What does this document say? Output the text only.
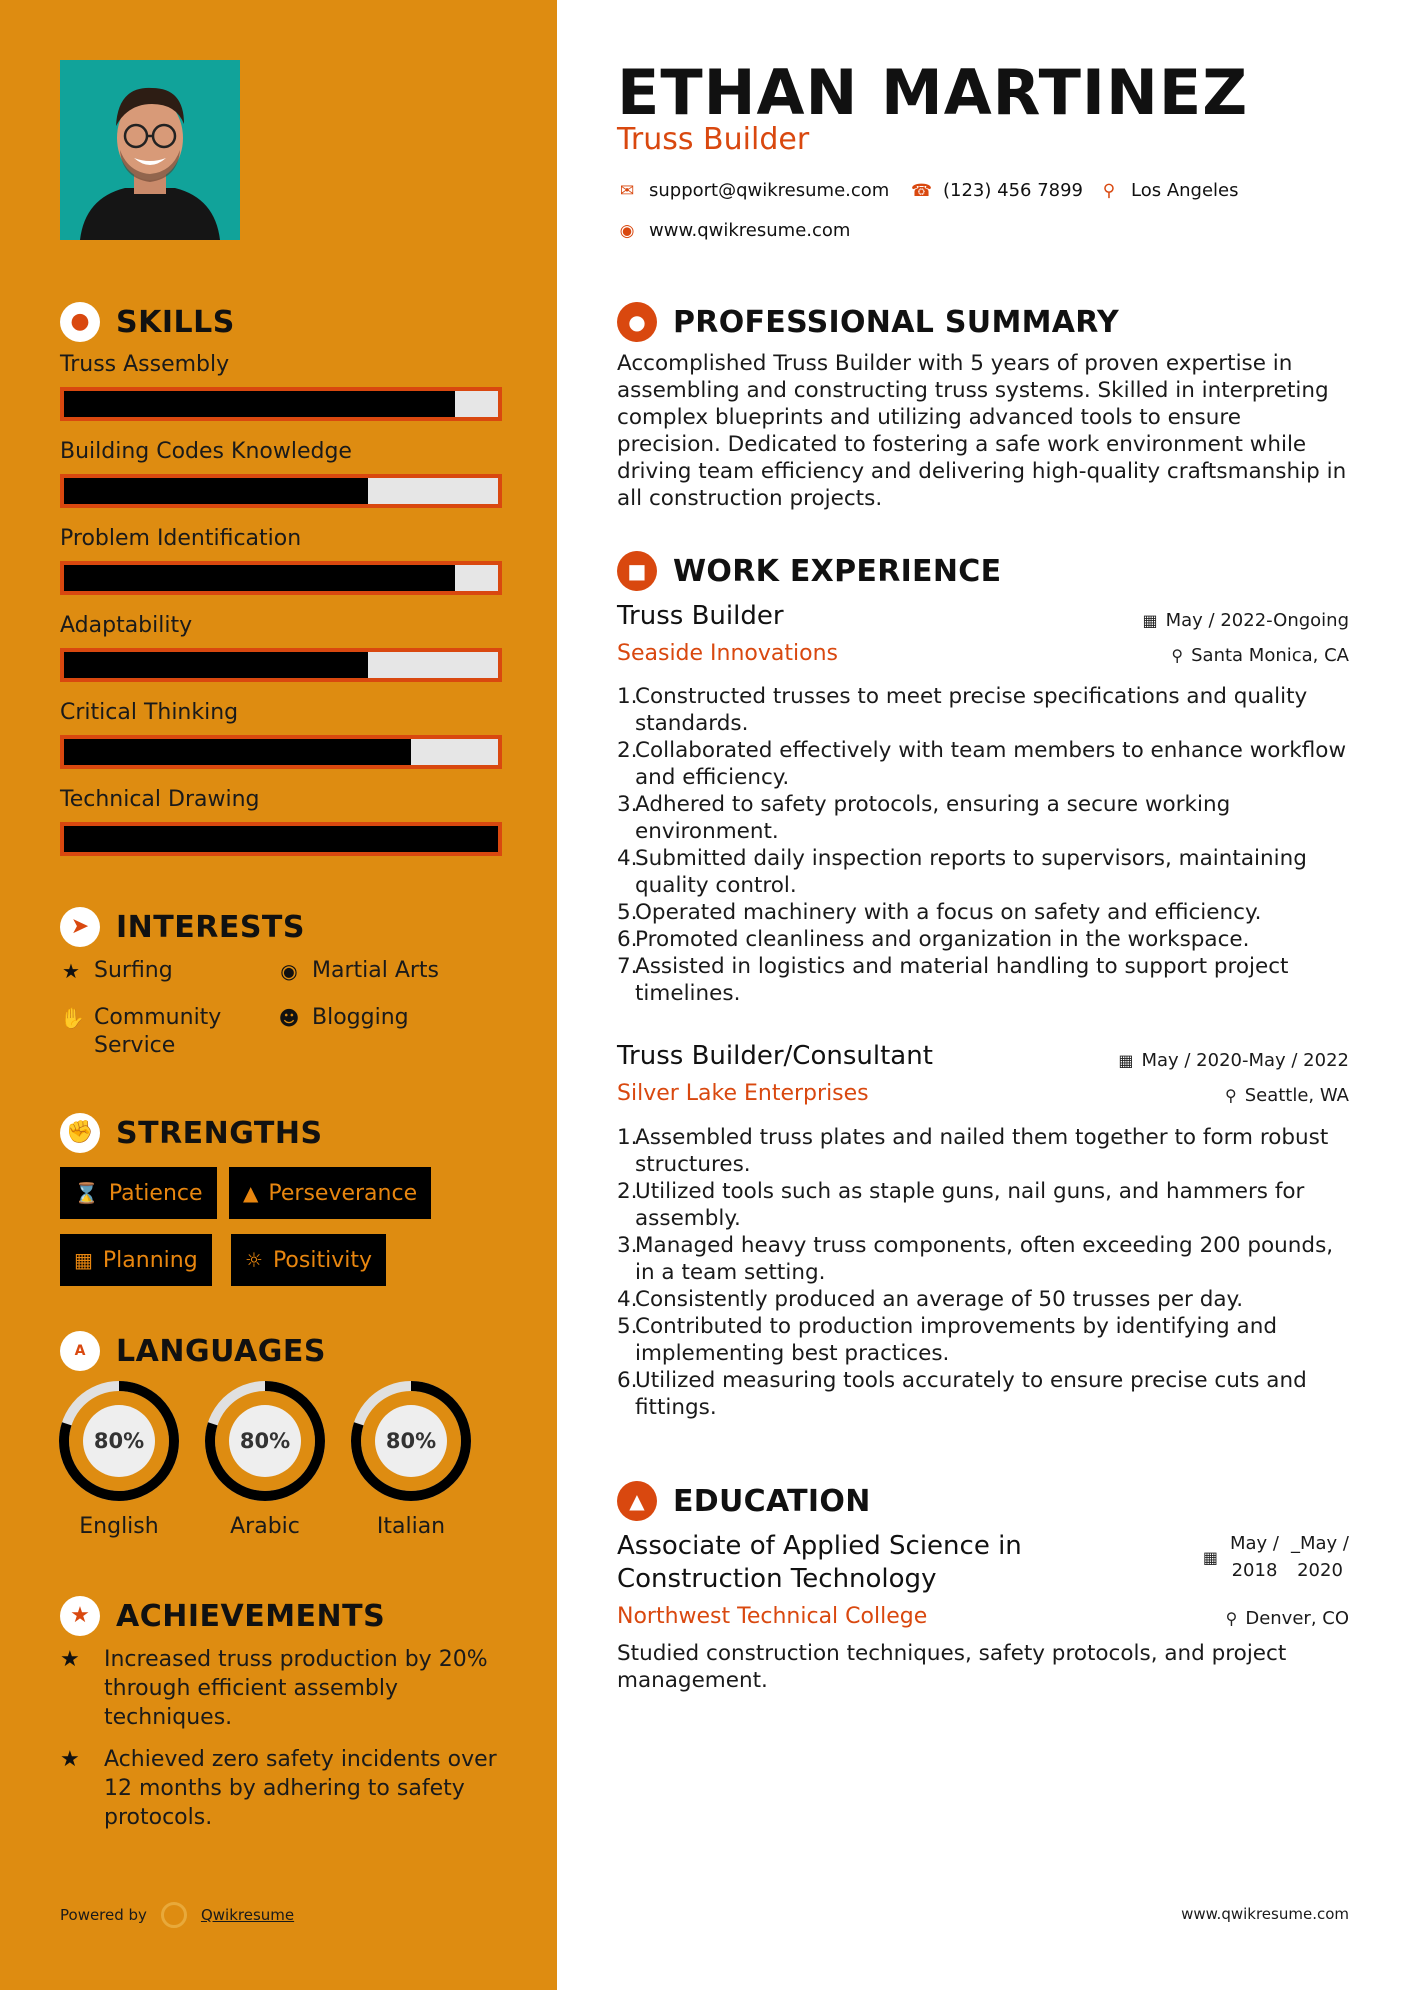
● SKILLS
Truss Assembly
Building Codes Knowledge
Problem Identification
Adaptability
Critical Thinking
Technical Drawing
➤ INTERESTS
★ Surfing	◉ Martial Arts
✋ Community Service
☻ Blogging
✊ STRENGTHS
⌛ Patience ▲ Perseverance
▦ Planning ☼ Positivity
A	LANGUAGES
80%
English
80%
Arabic
80%
Italian
★ ACHIEVEMENTS
★	Increased truss production by 20% through efficient assembly techniques.
★	Achieved zero safety incidents over 12 months by adhering to safety protocols.
Powered by	Qwikresume
ETHAN MARTINEZ
Truss Builder
✉ support@qwikresume.com ☎ (123) 456 7899 ⚲ Los Angeles
◉ www.qwikresume.com
● PROFESSIONAL SUMMARY
Accomplished Truss Builder with 5 years of proven expertise in assembling and constructing truss systems. Skilled in interpreting complex blueprints and utilizing advanced tools to ensure precision. Dedicated to fostering a safe work environment while driving team efficiency and delivering high-quality craftsmanship in all construction projects.
■ WORK EXPERIENCE
Truss Builder	▦ May / 2022-Ongoing
Seaside Innovations	⚲ Santa Monica, CA
1.
Constructed trusses to meet precise specifications and quality standards.
2.
Collaborated effectively with team members to enhance workflow and efficiency.
3.
Adhered to safety protocols, ensuring a secure working environment.
4.
Submitted daily inspection reports to supervisors, maintaining quality control.
5.
Operated machinery with a focus on safety and efficiency.
6.
Promoted cleanliness and organization in the workspace.
7.
Assisted in logistics and material handling to support project timelines.
Truss Builder/Consultant	▦ May / 2020-May / 2022
Silver Lake Enterprises	⚲ Seattle, WA
1.
Assembled truss plates and nailed them together to form robust structures.
2.
Utilized tools such as staple guns, nail guns, and hammers for assembly.
3.
Managed heavy truss components, often exceeding 200 pounds, in a team setting.
4.
Consistently produced an average of 50 trusses per day.
5.
Contributed to production improvements by identifying and implementing best practices.
6.
Utilized measuring tools accurately to ensure precise cuts and fittings.
▲ EDUCATION
Associate of Applied Science in Construction Technology
▦
May /
2018
_May /
2020
Northwest Technical College	⚲ Denver, CO
Studied construction techniques, safety protocols, and project management.
www.qwikresume.com
